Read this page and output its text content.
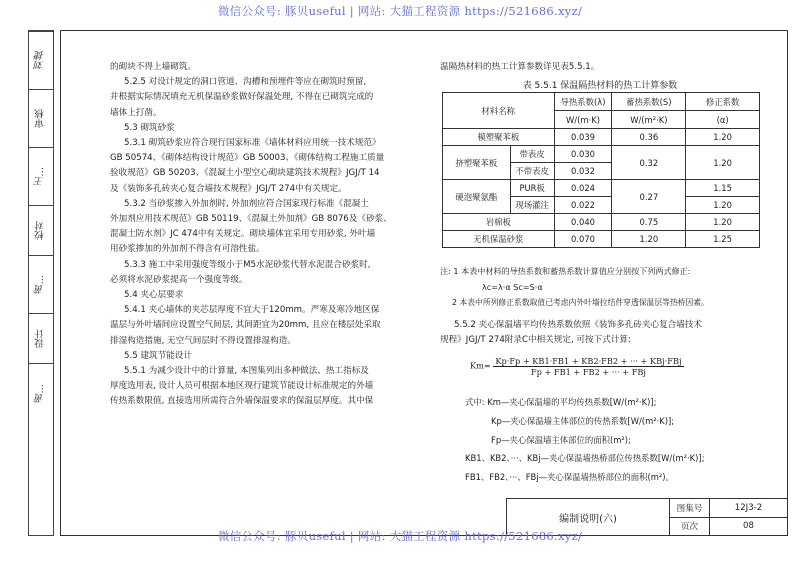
微信公众号: 豚贝useful | 网站: 大猫工程资源 https://521686.xyz/
刘捷
审核
王…
校对
黄…
设计
黄…

的砌块不得上墙砌筑。

5.2.5 对设计规定的洞口管道、沟槽和预埋件等应在砌筑时预留,

并根据实际情况填充无机保温砂浆做好保温处理, 不得在已砌筑完成的

墙体上打凿。

5.3 砌筑砂浆

5.3.1 砌筑砂浆应符合现行国家标准《墙体材料应用统一技术规范》

GB 50574、《砌体结构设计规范》GB 50003、《砌体结构工程施工质量

验收规范》GB 50203、《混凝土小型空心砌块建筑技术规程》JGJ/T 14

及《装饰多孔砖夹心复合墙技术规程》JGJ/T 274中有关规定。

5.3.2 当砂浆掺入外加剂时, 外加剂应符合国家现行标准《混凝土

外加剂应用技术规范》GB 50119、《混凝土外加剂》GB 8076及《砂浆、

混凝土防水剂》JC 474中有关规定。砌块墙体宜采用专用砂浆, 外叶墙

用砂浆掺加的外加剂不得含有可溶性盐。

5.3.3 施工中采用强度等级小于M5水泥砂浆代替水泥混合砂浆时,

必须将水泥砂浆提高一个强度等级。

5.4 夹心层要求

5.4.1 夹心墙体的夹芯层厚度不宜大于120mm。严寒及寒冷地区保

温层与外叶墙间应设置空气间层, 其间距宜为20mm, 且应在楼层处采取

排湿构造措施, 无空气间层时不得设置排湿构造。

5.5 建筑节能设计

5.5.1 为减少设计中的计算量, 本图集列出多种做法、热工指标及

厚度选用表, 设计人员可根据本地区现行建筑节能设计标准规定的外墙

传热系数限值, 直接选用所需符合外墙保温要求的保温层厚度。其中保

温隔热材料的热工计算参数详见表5.5.1。
表 5.5.1 保温隔热材料的热工计算参数
材料名称		导热系数(λ)	蓄热系数(S)	修正系数
		W/(m·K)	W/(m²·K)	(α)
模塑聚苯板		0.039	0.36	1.20
挤塑聚苯板	带表皮	0.030	0.32	1.20
	不带表皮	0.032		
硬泡聚氨酯	PUR板	0.024	0.27	1.15
	现场灌注	0.022		1.20
岩棉板		0.040	0.75	1.20
无机保温砂浆		0.070	1.20	1.25
注: 1 本表中材料的导热系数和蓄热系数计算值应分别按下列两式修正:
λc=λ·α Sc=S·α
2 本表中所列修正系数取值已考虑内外叶墙拉结件穿透保温层等热桥因素。

5.5.2 夹心保温墙平均传热系数依照《装饰多孔砖夹心复合墙技术

规程》JGJ/T 274附录C中相关规定, 可按下式计算:

$Km= \frac{\text{Kp·Fp + KB1·FB1 + KB2·FB2 + ··· + KBj·FBj}}{\text{Fp + FB1 + FB2 + ··· + FBj}}$
式中: Km—夹心保温墙的平均传热系数[W/(m²·K)];
Kp—夹心保温墙主体部位的传热系数[W/(m²·K)];
Fp—夹心保温墙主体部位的面积(m²);
KB1、KB2、···、KBj—夹心保温墙热桥部位传热系数[W/(m²·K)];
FB1、FB2、···、FBj—夹心保温墙热桥部位的面积(m²)。
编制说明(六)
图集号	12J3-2
页次	08
微信公众号: 豚贝useful | 网站: 大猫工程资源 https://521686.xyz/
